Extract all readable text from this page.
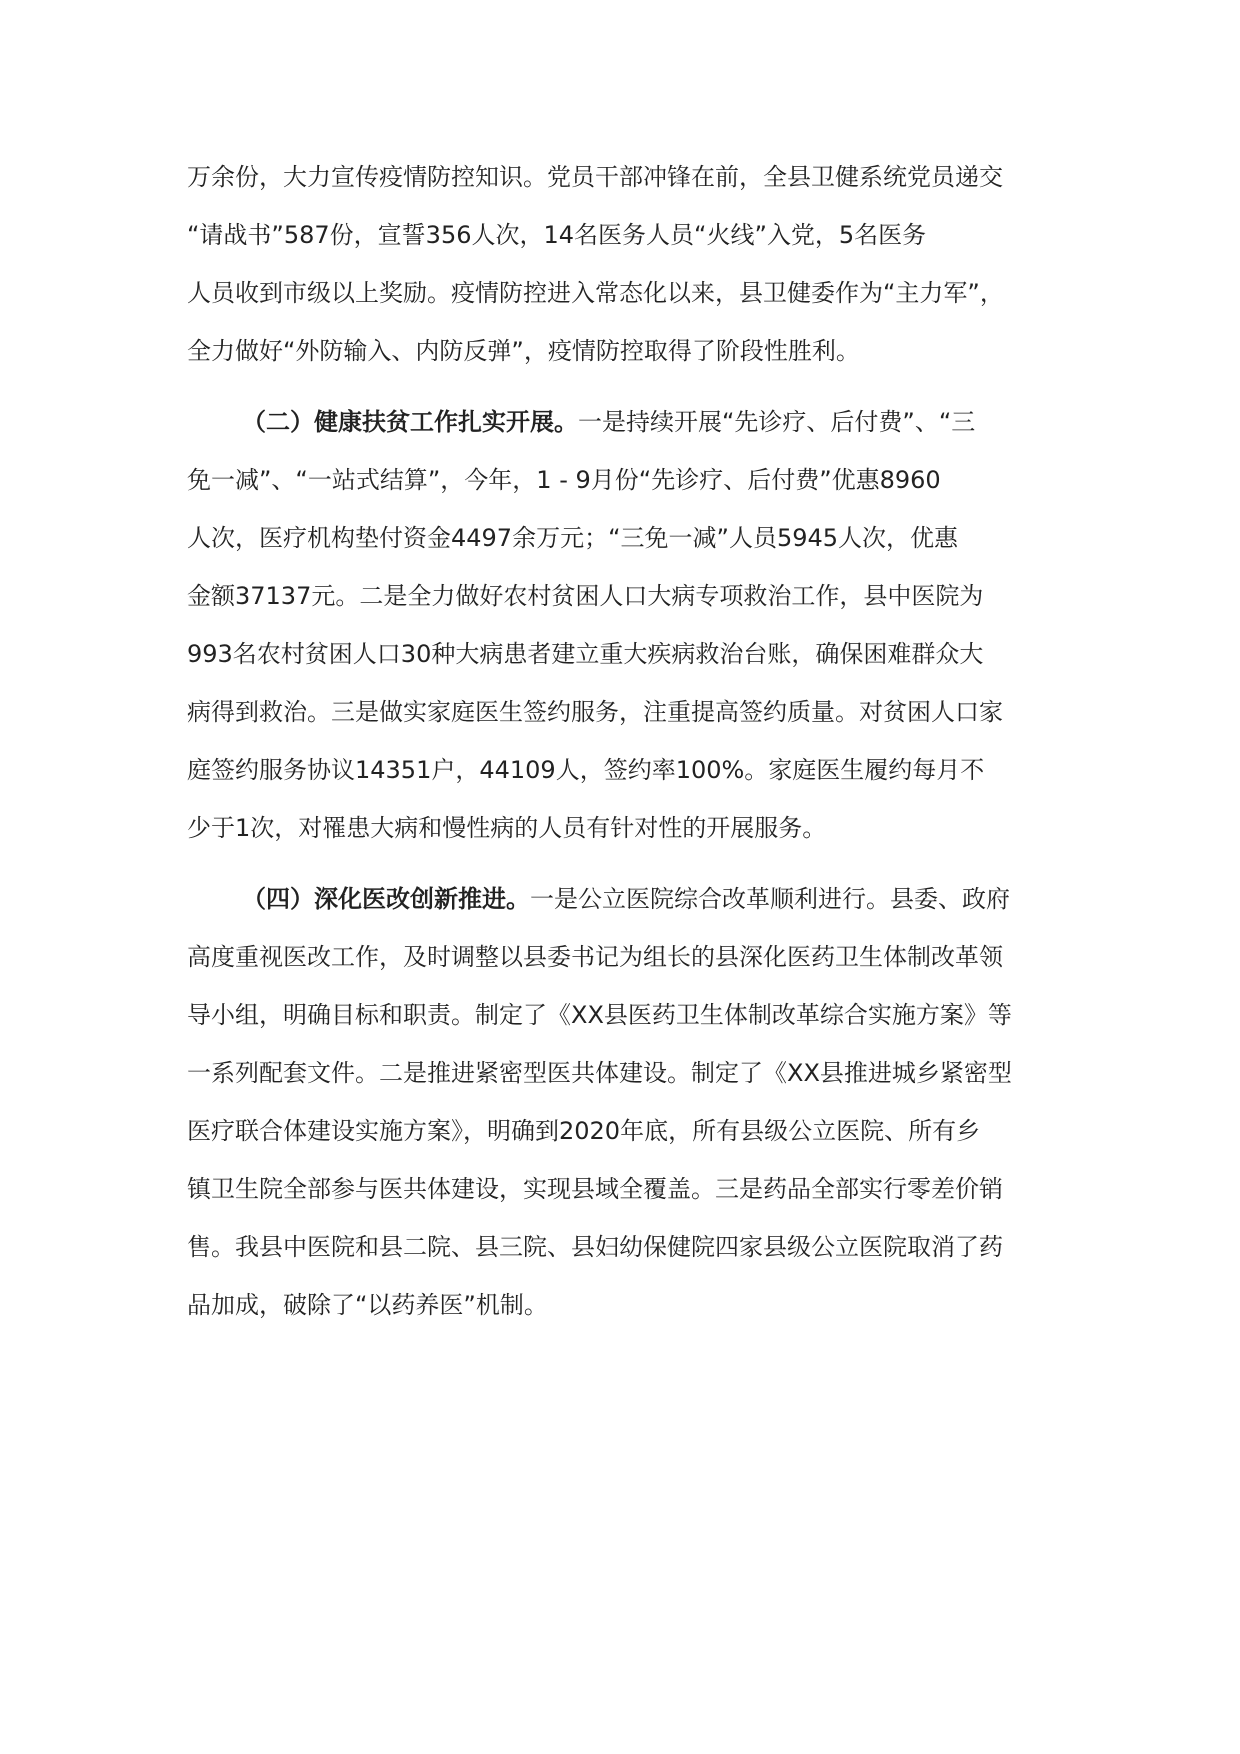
万余份，大力宣传疫情防控知识。党员干部冲锋在前，全县卫健系统党员递交
“请战书”587份，宣誓356人次，14名医务人员“火线”入党，5名医务
人员收到市级以上奖励。疫情防控进入常态化以来，县卫健委作为“主力军”，
全力做好“外防输入、内防反弹”，疫情防控取得了阶段性胜利。
（二）健康扶贫工作扎实开展。一是持续开展“先诊疗、后付费”、“三
免一减”、“一站式结算”，今年，1 - 9月份“先诊疗、后付费”优惠8960
人次，医疗机构垫付资金4497余万元；“三免一减”人员5945人次，优惠
金额37137元。二是全力做好农村贫困人口大病专项救治工作，县中医院为
993名农村贫困人口30种大病患者建立重大疾病救治台账，确保困难群众大
病得到救治。三是做实家庭医生签约服务，注重提高签约质量。对贫困人口家
庭签约服务协议14351户，44109人，签约率100%。家庭医生履约每月不
少于1次，对罹患大病和慢性病的人员有针对性的开展服务。
（四）深化医改创新推进。一是公立医院综合改革顺利进行。县委、政府
高度重视医改工作，及时调整以县委书记为组长的县深化医药卫生体制改革领
导小组，明确目标和职责。制定了《XX县医药卫生体制改革综合实施方案》等
一系列配套文件。二是推进紧密型医共体建设。制定了《XX县推进城乡紧密型
医疗联合体建设实施方案》，明确到2020年底，所有县级公立医院、所有乡
镇卫生院全部参与医共体建设，实现县域全覆盖。三是药品全部实行零差价销
售。我县中医院和县二院、县三院、县妇幼保健院四家县级公立医院取消了药
品加成，破除了“以药养医”机制。
